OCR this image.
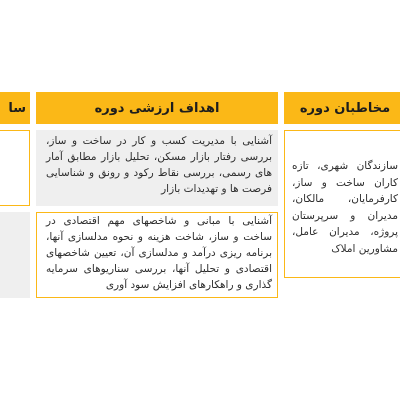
سا	اهداف ارزشی دوره	مخاطبان دوره
آشنایی با مدیریت کسب و کار در ساخت و ساز، بررسی رفتار بازار مسکن، تحلیل بازار مطابق آمار های رسمی، بررسی نقاط رکود و رونق و شناسایی فرصت ها و تهدیدات بازار
آشنایی با مبانی و شاخصهای مهم اقتصادی در ساخت و ساز، شاخت هزینه و نحوه مدلسازی آنها، برنامه ریزی درآمد و مدلسازی آن، تعیین شاخصهای اقتصادی و تحلیل آنها، بررسی سناریوهای سرمایه گذاری و راهکارهای افزایش سود آوری
سازندگان شهری، تازه کاران ساخت و ساز، کارفرمایان، مالکان، مدیران و سرپرستان پروژه، مدیران عامل، مشاورین املاک
